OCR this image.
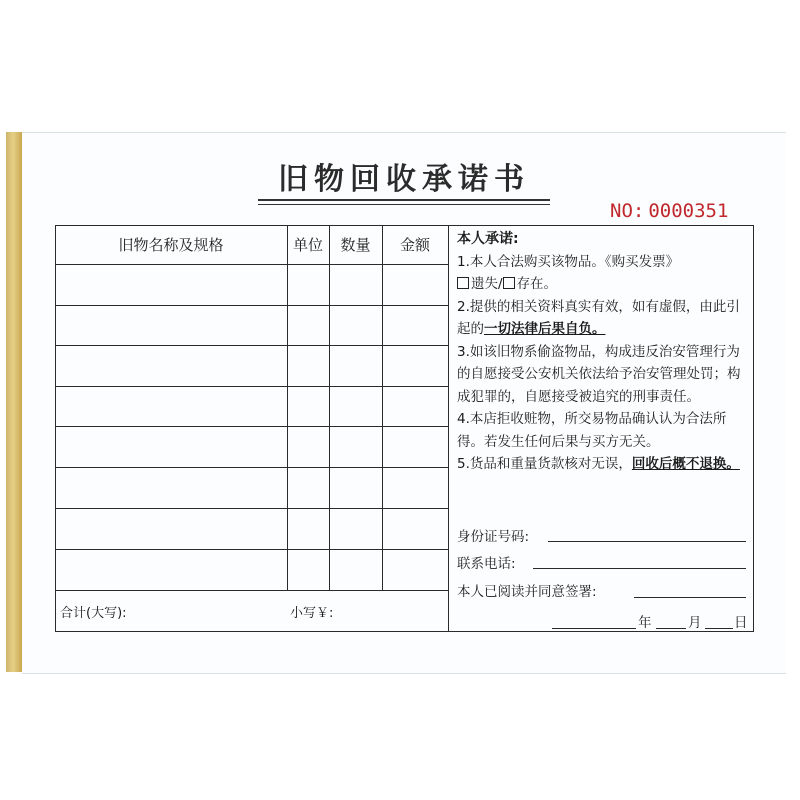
旧物回收承诺书
NO: 0000351
旧物名称及规格	单位	数量	金额
合计(大写):	小写￥:

本人承诺:

1.本人合法购买该物品。《购买发票》
遗失/ 存在。

2.提供的相关资料真实有效，如有虚假，由此引起的一切法律后果自负。

3.如该旧物系偷盗物品，构成违反治安管理行为的自愿接受公安机关依法给予治安管理处罚；构成犯罪的，自愿接受被追究的刑事责任。

4.本店拒收赃物，所交易物品确认认为合法所得。若发生任何后果与买方无关。

5.货品和重量货款核对无误，回收后概不退换。

身份证号码:
联系电话:
本人已阅读并同意签署:
年	月 日
